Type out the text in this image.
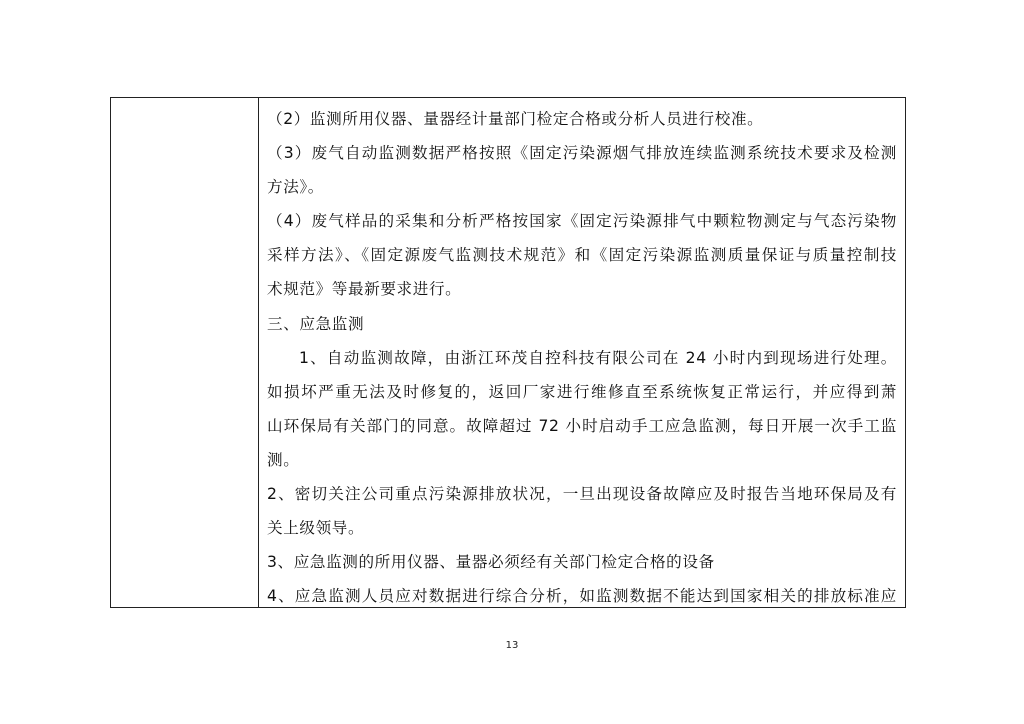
（2）监测所用仪器、量器经计量部门检定合格或分析人员进行校准。
（3）废气自动监测数据严格按照《固定污染源烟气排放连续监测系统技术要求及检测
方法》。
（4）废气样品的采集和分析严格按国家《固定污染源排气中颗粒物测定与气态污染物
采样方法》、《固定源废气监测技术规范》和《固定污染源监测质量保证与质量控制技
术规范》等最新要求进行。
三、应急监测
1、自动监测故障，由浙江环茂自控科技有限公司在 24 小时内到现场进行处理。
如损坏严重无法及时修复的，返回厂家进行维修直至系统恢复正常运行，并应得到萧
山环保局有关部门的同意。故障超过 72 小时启动手工应急监测，每日开展一次手工监
测。
2、密切关注公司重点污染源排放状况，一旦出现设备故障应及时报告当地环保局及有
关上级领导。
3、应急监测的所用仪器、量器必须经有关部门检定合格的设备
4、应急监测人员应对数据进行综合分析，如监测数据不能达到国家相关的排放标准应
13
